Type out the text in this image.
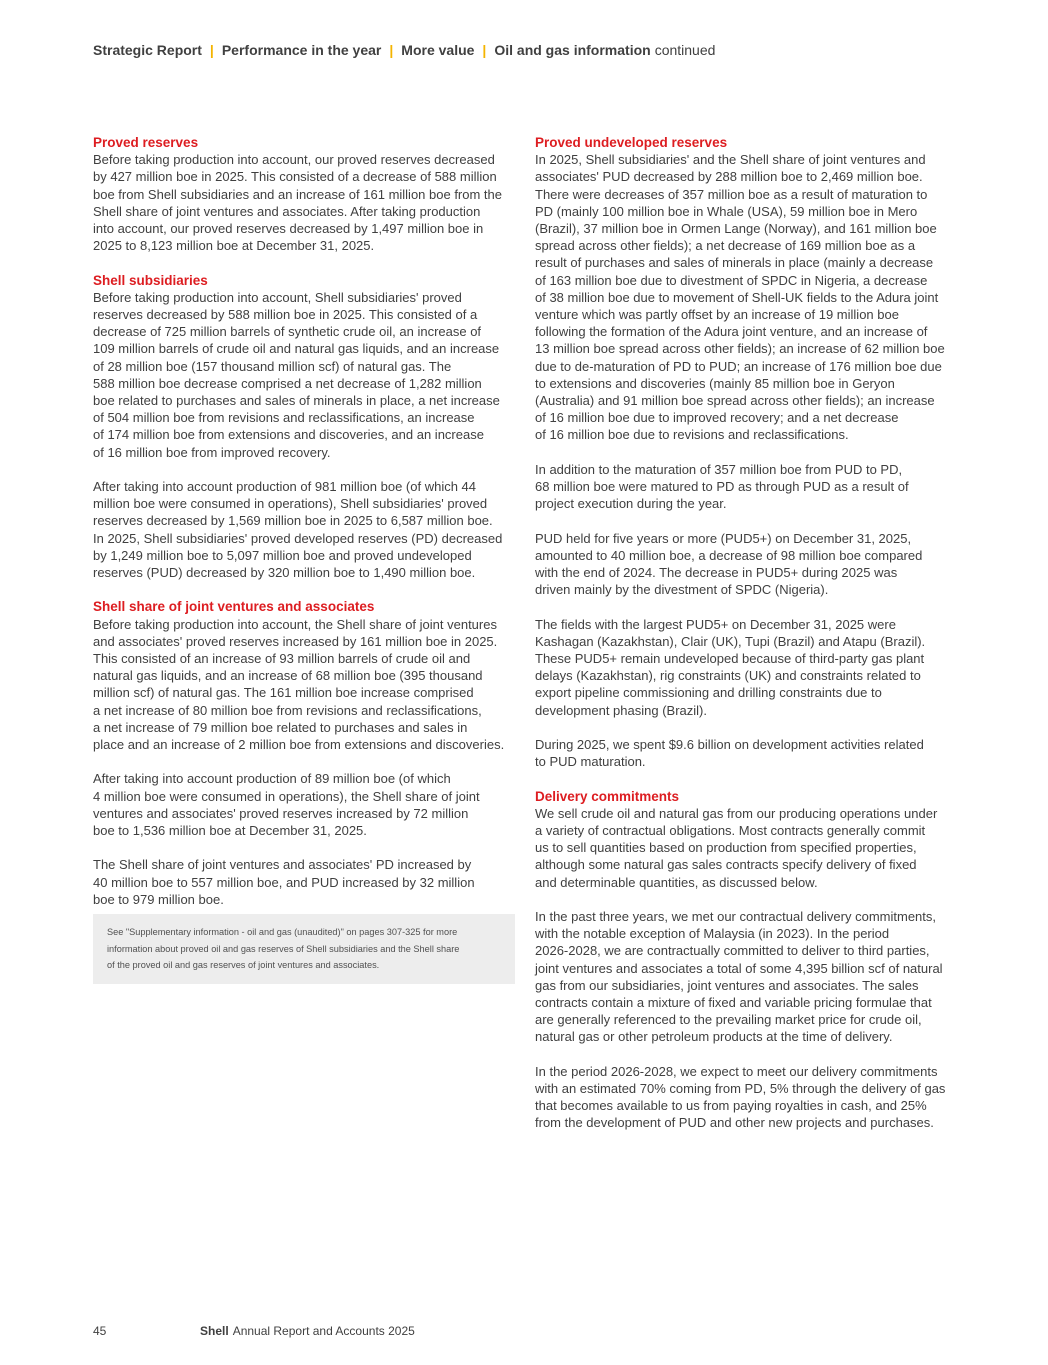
Strategic Report | Performance in the year | More value | Oil and gas information continued
Proved reserves

Before taking production into account, our proved reserves decreased
by 427 million boe in 2025. This consisted of a decrease of 588 million
boe from Shell subsidiaries and an increase of 161 million boe from the
Shell share of joint ventures and associates. After taking production
into account, our proved reserves decreased by 1,497 million boe in
2025 to 8,123 million boe at December 31, 2025.

Shell subsidiaries

Before taking production into account, Shell subsidiaries' proved
reserves decreased by 588 million boe in 2025. This consisted of a
decrease of 725 million barrels of synthetic crude oil, an increase of
109 million barrels of crude oil and natural gas liquids, and an increase
of 28 million boe (157 thousand million scf) of natural gas. The
588 million boe decrease comprised a net decrease of 1,282 million
boe related to purchases and sales of minerals in place, a net increase
of 504 million boe from revisions and reclassifications, an increase
of 174 million boe from extensions and discoveries, and an increase
of 16 million boe from improved recovery.

After taking into account production of 981 million boe (of which 44
million boe were consumed in operations), Shell subsidiaries' proved
reserves decreased by 1,569 million boe in 2025 to 6,587 million boe.
In 2025, Shell subsidiaries' proved developed reserves (PD) decreased
by 1,249 million boe to 5,097 million boe and proved undeveloped
reserves (PUD) decreased by 320 million boe to 1,490 million boe.

Shell share of joint ventures and associates

Before taking production into account, the Shell share of joint ventures
and associates' proved reserves increased by 161 million boe in 2025.
This consisted of an increase of 93 million barrels of crude oil and
natural gas liquids, and an increase of 68 million boe (395 thousand
million scf) of natural gas. The 161 million boe increase comprised
a net increase of 80 million boe from revisions and reclassifications,
a net increase of 79 million boe related to purchases and sales in
place and an increase of 2 million boe from extensions and discoveries.

After taking into account production of 89 million boe (of which
4 million boe were consumed in operations), the Shell share of joint
ventures and associates' proved reserves increased by 72 million
boe to 1,536 million boe at December 31, 2025.

The Shell share of joint ventures and associates' PD increased by
40 million boe to 557 million boe, and PUD increased by 32 million
boe to 979 million boe.

See "Supplementary information - oil and gas (unaudited)" on pages 307-325 for more
information about proved oil and gas reserves of Shell subsidiaries and the Shell share
of the proved oil and gas reserves of joint ventures and associates.
Proved undeveloped reserves

In 2025, Shell subsidiaries' and the Shell share of joint ventures and
associates' PUD decreased by 288 million boe to 2,469 million boe.
There were decreases of 357 million boe as a result of maturation to
PD (mainly 100 million boe in Whale (USA), 59 million boe in Mero
(Brazil), 37 million boe in Ormen Lange (Norway), and 161 million boe
spread across other fields); a net decrease of 169 million boe as a
result of purchases and sales of minerals in place (mainly a decrease
of 163 million boe due to divestment of SPDC in Nigeria, a decrease
of 38 million boe due to movement of Shell-UK fields to the Adura joint
venture which was partly offset by an increase of 19 million boe
following the formation of the Adura joint venture, and an increase of
13 million boe spread across other fields); an increase of 62 million boe
due to de-maturation of PD to PUD; an increase of 176 million boe due
to extensions and discoveries (mainly 85 million boe in Geryon
(Australia) and 91 million boe spread across other fields); an increase
of 16 million boe due to improved recovery; and a net decrease
of 16 million boe due to revisions and reclassifications.

In addition to the maturation of 357 million boe from PUD to PD,
68 million boe were matured to PD as through PUD as a result of
project execution during the year.

PUD held for five years or more (PUD5+) on December 31, 2025,
amounted to 40 million boe, a decrease of 98 million boe compared
with the end of 2024. The decrease in PUD5+ during 2025 was
driven mainly by the divestment of SPDC (Nigeria).

The fields with the largest PUD5+ on December 31, 2025 were
Kashagan (Kazakhstan), Clair (UK), Tupi (Brazil) and Atapu (Brazil).
These PUD5+ remain undeveloped because of third-party gas plant
delays (Kazakhstan), rig constraints (UK) and constraints related to
export pipeline commissioning and drilling constraints due to
development phasing (Brazil).

During 2025, we spent $9.6 billion on development activities related
to PUD maturation.

Delivery commitments

We sell crude oil and natural gas from our producing operations under
a variety of contractual obligations. Most contracts generally commit
us to sell quantities based on production from specified properties,
although some natural gas sales contracts specify delivery of fixed
and determinable quantities, as discussed below.

In the past three years, we met our contractual delivery commitments,
with the notable exception of Malaysia (in 2023). In the period
2026-2028, we are contractually committed to deliver to third parties,
joint ventures and associates a total of some 4,395 billion scf of natural
gas from our subsidiaries, joint ventures and associates. The sales
contracts contain a mixture of fixed and variable pricing formulae that
are generally referenced to the prevailing market price for crude oil,
natural gas or other petroleum products at the time of delivery.

In the period 2026-2028, we expect to meet our delivery commitments
with an estimated 70% coming from PD, 5% through the delivery of gas
that becomes available to us from paying royalties in cash, and 25%
from the development of PUD and other new projects and purchases.

45	Shell Annual Report and Accounts 2025
